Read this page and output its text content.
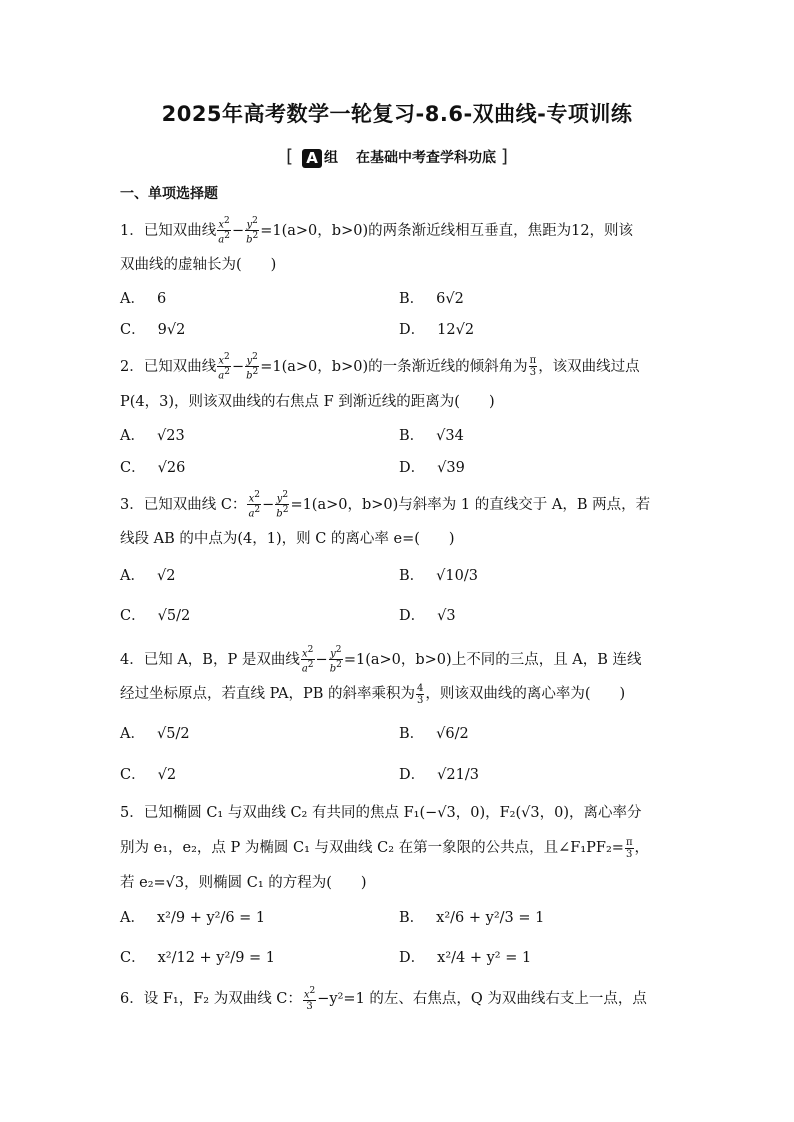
2025年高考数学一轮复习-8.6-双曲线-专项训练
[ A 组 在基础中考查学科功底 ]
一、单项选择题
1．已知双曲线 $\frac{x^2}{a^2} - \frac{y^2}{b^2} =1(a>0$，b>0)的两条渐近线相互垂直，焦距为12，则该
双曲线的虚轴长为(　　)
A． 6	B． 6√2
C． 9√2	D． 12√2
2．已知双曲线 $\frac{x^2}{a^2} - \frac{y^2}{b^2} =1(a>0$，b>0)的一条渐近线的倾斜角为 $\frac{\pi}{3}$ ，该双曲线过点
P(4，3)，则该双曲线的右焦点 F 到渐近线的距离为(　　)
A． √23	B． √34
C． √26	D． √39
3．已知双曲线 C： $\frac{x^2}{a^2} - \frac{y^2}{b^2} =1(a>0$，b>0)与斜率为 1 的直线交于 A，B 两点，若
线段 AB 的中点为(4，1)，则 C 的离心率 e=(　　)
A． √2	B． √10/3
C． √5/2	D． √3
4．已知 A，B，P 是双曲线 $\frac{x^2}{a^2} - \frac{y^2}{b^2} =1(a>0$，b>0)上不同的三点，且 A，B 连线
经过坐标原点，若直线 PA，PB 的斜率乘积为 $\frac{4}{3}$ ，则该双曲线的离心率为(　　)
A． √5/2	B． √6/2
C． √2	D． √21/3
5．已知椭圆 C₁ 与双曲线 C₂ 有共同的焦点 F₁(−√3，0)，F₂(√3，0)，离心率分
别为 e₁，e₂，点 P 为椭圆 C₁ 与双曲线 C₂ 在第一象限的公共点，且∠F₁PF₂= $\frac{\pi}{3}$ ，
若 e₂=√3，则椭圆 C₁ 的方程为(　　)
A． x²/9 + y²/6 = 1	B． x²/6 + y²/3 = 1
C． x²/12 + y²/9 = 1	D． x²/4 + y² = 1
6．设 F₁，F₂ 为双曲线 C： $\frac{x^2}{3} -y^2=1$ 的左、右焦点，Q 为双曲线右支上一点，点
